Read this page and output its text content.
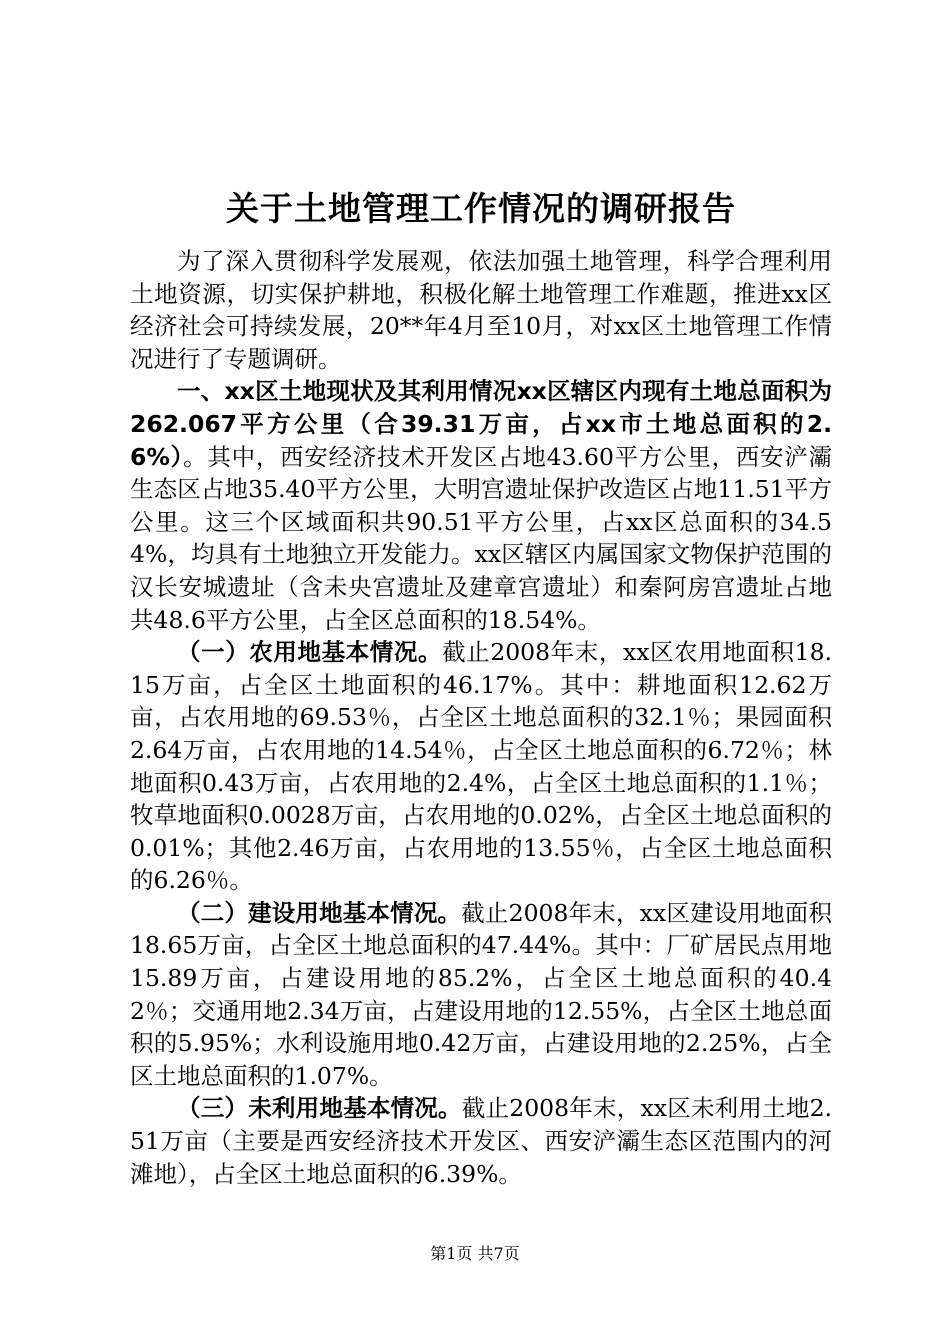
关于土地管理工作情况的调研报告

为了深入贯彻科学发展观，依法加强土地管理，科学合理利用土地资源，切实保护耕地，积极化解土地管理工作难题，推进xx区经济社会可持续发展，20**年4月至10月，对xx区土地管理工作情况进行了专题调研。

一、xx区土地现状及其利用情况xx区辖区内现有土地总面积为262.067平方公里（合39.31万亩，占xx市土地总面积的2.6%）。其中，西安经济技术开发区占地43.60平方公里，西安浐灞生态区占地35.40平方公里，大明宫遗址保护改造区占地11.51平方公里。这三个区域面积共90.51平方公里，占xx区总面积的34.54%，均具有土地独立开发能力。xx区辖区内属国家文物保护范围的汉长安城遗址（含未央宫遗址及建章宫遗址）和秦阿房宫遗址占地共48.6平方公里，占全区总面积的18.54%。

（一）农用地基本情况。截止2008年末，xx区农用地面积18.15万亩，占全区土地面积的46.17%。其中：耕地面积12.62万亩，占农用地的69.53％，占全区土地总面积的32.1％；果园面积2.64万亩，占农用地的14.54％，占全区土地总面积的6.72％；林地面积0.43万亩，占农用地的2.4%，占全区土地总面积的1.1％；牧草地面积0.0028万亩，占农用地的0.02%，占全区土地总面积的0.01%；其他2.46万亩，占农用地的13.55％，占全区土地总面积的6.26％。

（二）建设用地基本情况。截止2008年末，xx区建设用地面积18.65万亩，占全区土地总面积的47.44%。其中：厂矿居民点用地15.89万亩，占建设用地的85.2%，占全区土地总面积的40.42％；交通用地2.34万亩，占建设用地的12.55%，占全区土地总面积的5.95%；水利设施用地0.42万亩，占建设用地的2.25%，占全区土地总面积的1.07%。

（三）未利用地基本情况。截止2008年末，xx区未利用土地2.51万亩（主要是西安经济技术开发区、西安浐灞生态区范围内的河滩地），占全区土地总面积的6.39%。

第1页 共7页
